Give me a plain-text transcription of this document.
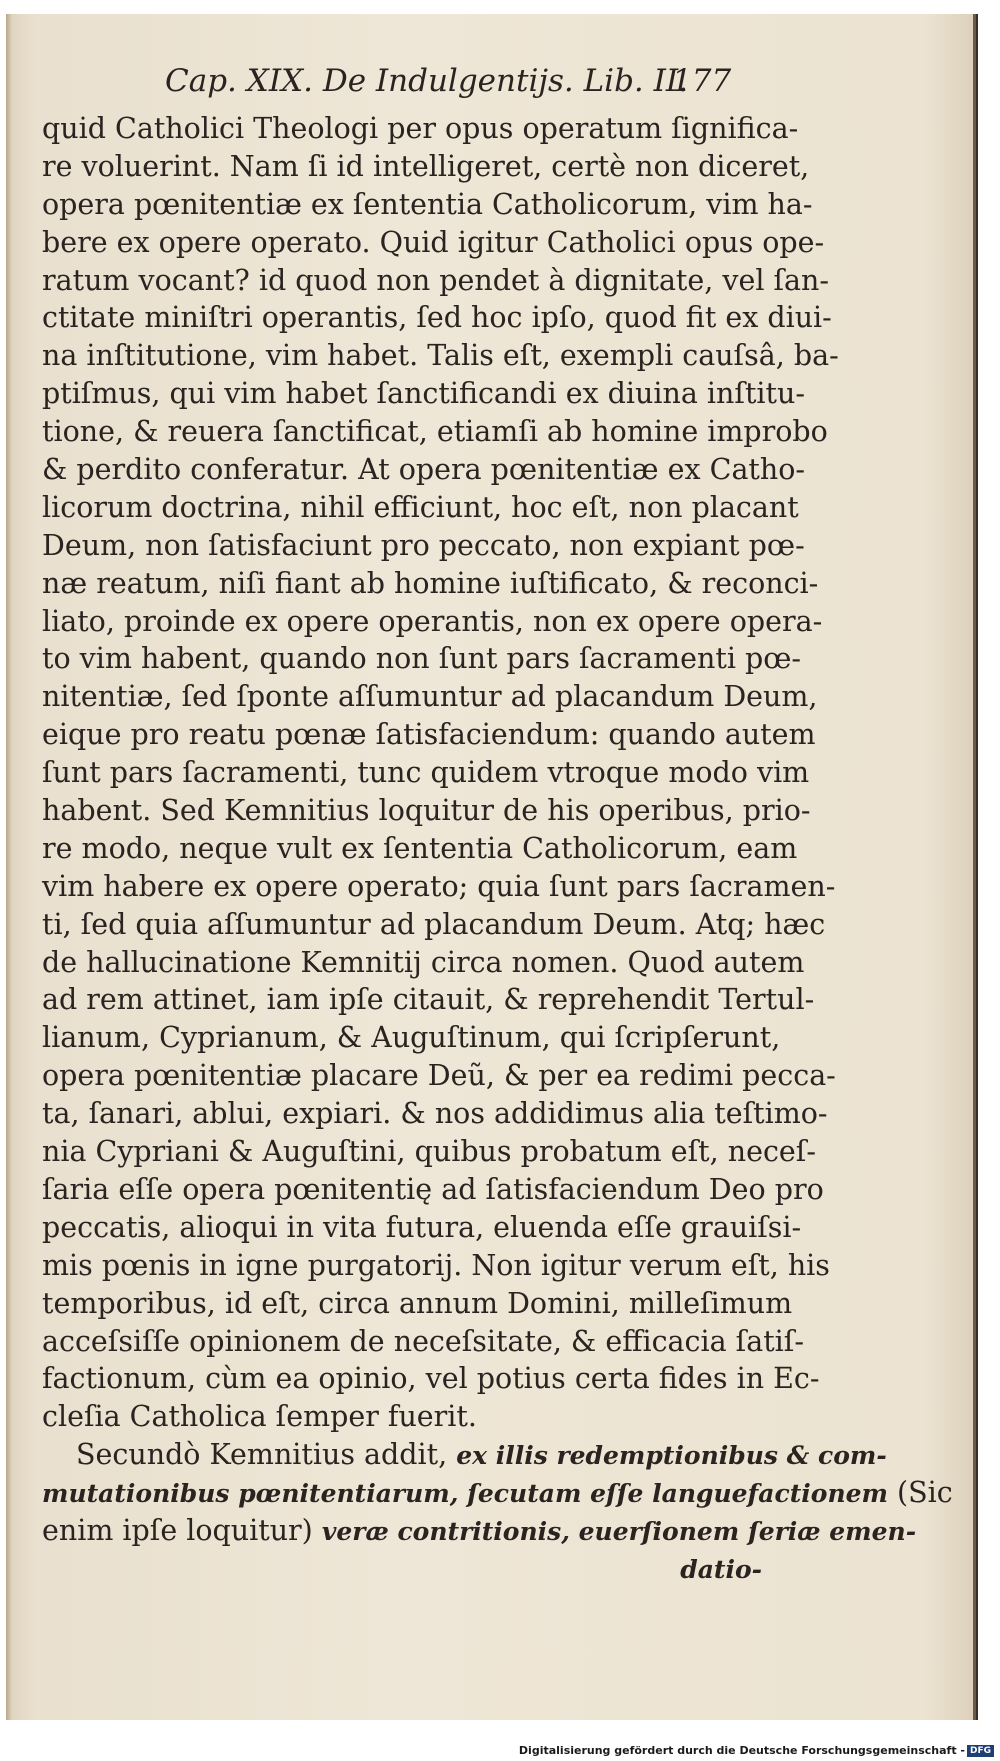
Cap. XIX. De Indulgentijs. Lib. II.
177
quid Catholici Theologi per opus operatum ſignifica-
re voluerint. Nam ſi id intelligeret, certè non diceret,
opera pœnitentiæ ex ſententia Catholicorum, vim ha-
bere ex opere operato. Quid igitur Catholici opus ope-
ratum vocant? id quod non pendet à dignitate, vel ſan-
ctitate miniſtri operantis, ſed hoc ipſo, quod fit ex diui-
na inſtitutione, vim habet. Talis eſt, exempli cauſsâ, ba-
ptiſmus, qui vim habet ſanctificandi ex diuina inſtitu-
tione, & reuera ſanctificat, etiamſi ab homine improbo
& perdito conferatur. At opera pœnitentiæ ex Catho-
licorum doctrina, nihil efficiunt, hoc eſt, non placant
Deum, non ſatisfaciunt pro peccato, non expiant pœ-
næ reatum, niſi fiant ab homine iuſtificato, & reconci-
liato, proinde ex opere operantis, non ex opere opera-
to vim habent, quando non ſunt pars ſacramenti pœ-
nitentiæ, ſed ſponte aſſumuntur ad placandum Deum,
eique pro reatu pœnæ ſatisfaciendum: quando autem
ſunt pars ſacramenti, tunc quidem vtroque modo vim
habent. Sed Kemnitius loquitur de his operibus, prio-
re modo, neque vult ex ſententia Catholicorum, eam
vim habere ex opere operato; quia ſunt pars ſacramen-
ti, ſed quia aſſumuntur ad placandum Deum. Atq; hæc
de hallucinatione Kemnitij circa nomen. Quod autem
ad rem attinet, iam ipſe citauit, & reprehendit Tertul-
lianum, Cyprianum, & Auguſtinum, qui ſcripſerunt,
opera pœnitentiæ placare Deũ, & per ea redimi pecca-
ta, ſanari, ablui, expiari. & nos addidimus alia teſtimo-
nia Cypriani & Auguſtini, quibus probatum eſt, neceſ-
ſaria eſſe opera pœnitentię ad ſatisfaciendum Deo pro
peccatis, alioqui in vita futura, eluenda eſſe grauiſsi-
mis pœnis in igne purgatorij. Non igitur verum eſt, his
temporibus, id eſt, circa annum Domini, milleſimum
acceſsiſſe opinionem de neceſsitate, & efficacia ſatiſ-
factionum, cùm ea opinio, vel potius certa fides in Ec-
cleſia Catholica ſemper fuerit.
Secundò Kemnitius addit, ex illis redemptionibus & com-
mutationibus pœnitentiarum, ſecutam eſſe languefactionem (Sic
enim ipſe loquitur) veræ contritionis, euerſionem ſeriæ emen-
datio-
Digitalisierung gefördert durch die Deutsche Forschungsgemeinschaft - DFG
